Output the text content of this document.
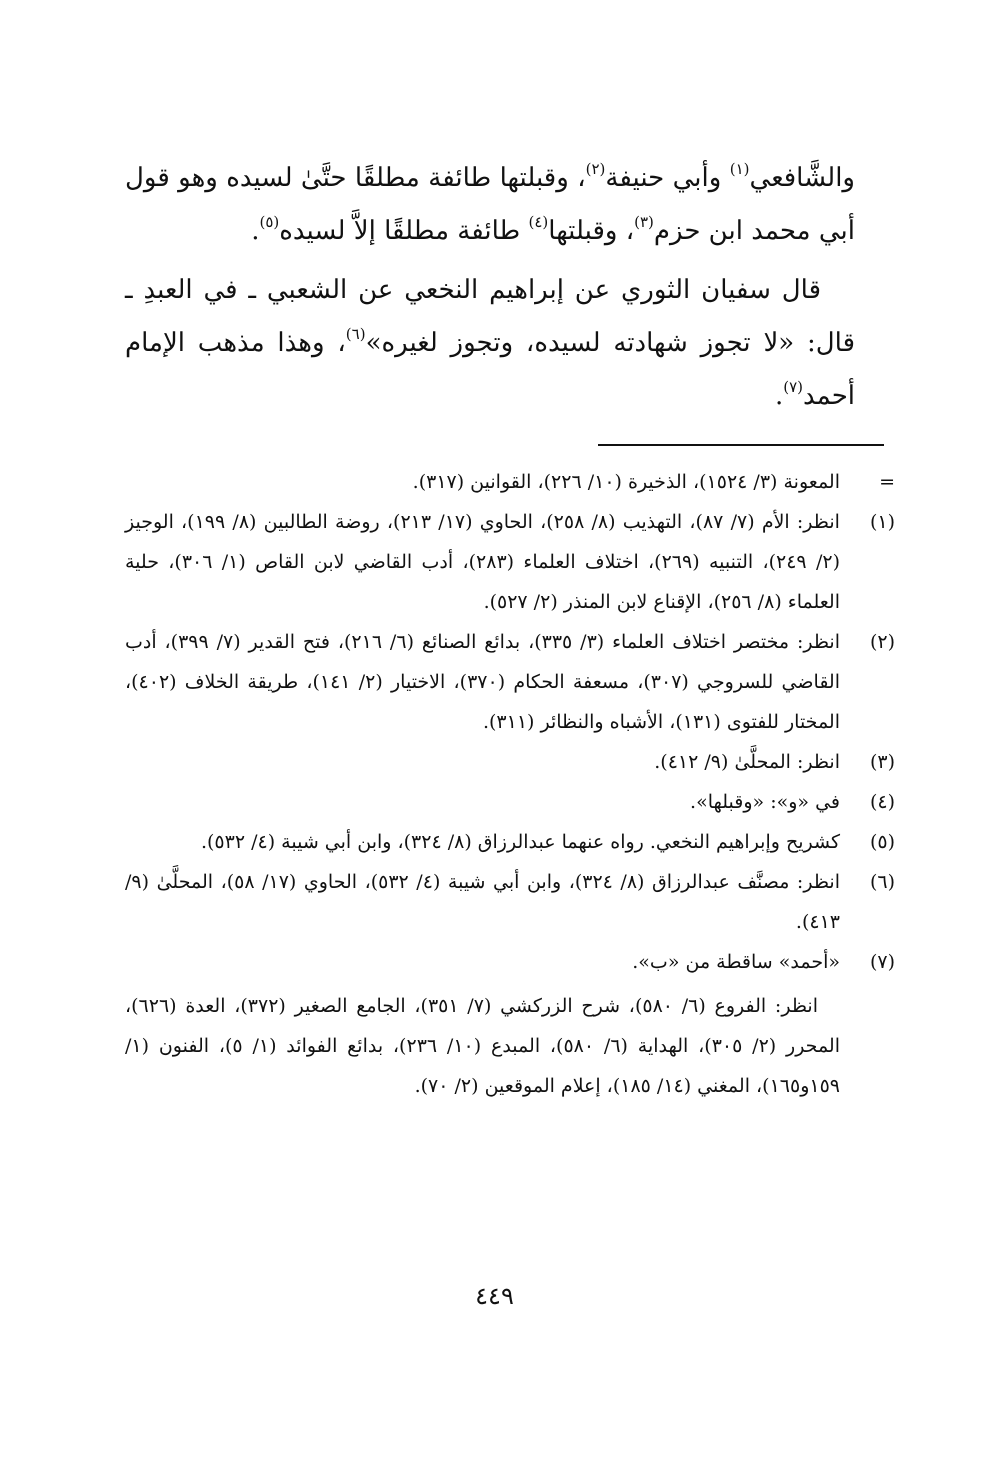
والشَّافعي$^{(١)}$ وأبي حنيفة$^{(٢)}$، وقبلتها طائفة مطلقًا حتَّىٰ لسيده وهو قول أبي محمد ابن حزم$^{(٣)}$، وقبلتها$^{(٤)}$ طائفة مطلقًا إلاَّ لسيده$^{(٥)}$.

قال سفيان الثوري عن إبراهيم النخعي عن الشعبي ـ في العبدِ ـ قال: «لا تجوز شهادته لسيده، وتجوز لغيره»$^{(٦)}$، وهذا مذهب الإمام أحمد$^{(٧)}$.

=
المعونة (٣/ ١٥٢٤)، الذخيرة (١٠/ ٢٢٦)، القوانين (٣١٧).
(١)
انظر: الأم (٧/ ٨٧)، التهذيب (٨/ ٢٥٨)، الحاوي (١٧/ ٢١٣)، روضة الطالبين (٨/ ١٩٩)، الوجيز (٢/ ٢٤٩)، التنبيه (٢٦٩)، اختلاف العلماء (٢٨٣)، أدب القاضي لابن القاص (١/ ٣٠٦)، حلية العلماء (٨/ ٢٥٦)، الإقناع لابن المنذر (٢/ ٥٢٧).
(٢)
انظر: مختصر اختلاف العلماء (٣/ ٣٣٥)، بدائع الصنائع (٦/ ٢١٦)، فتح القدير (٧/ ٣٩٩)، أدب القاضي للسروجي (٣٠٧)، مسعفة الحكام (٣٧٠)، الاختيار (٢/ ١٤١)، طريقة الخلاف (٤٠٢)، المختار للفتوى (١٣١)، الأشباه والنظائر (٣١١).
(٣)
انظر: المحلَّىٰ (٩/ ٤١٢).
(٤)
في «و»: «وقبلها».
(٥)
كشريح وإبراهيم النخعي. رواه عنهما عبدالرزاق (٨/ ٣٢٤)، وابن أبي شيبة (٤/ ٥٣٢).
(٦)
انظر: مصنَّف عبدالرزاق (٨/ ٣٢٤)، وابن أبي شيبة (٤/ ٥٣٢)، الحاوي (١٧/ ٥٨)، المحلَّىٰ (٩/ ٤١٣).
(٧)
«أحمد» ساقطة من «ب».
انظر: الفروع (٦/ ٥٨٠)، شرح الزركشي (٧/ ٣٥١)، الجامع الصغير (٣٧٢)، العدة (٦٢٦)، المحرر (٢/ ٣٠٥)، الهداية (٦/ ٥٨٠)، المبدع (١٠/ ٢٣٦)، بدائع الفوائد (١/ ٥)، الفنون (١/ ١٥٩و١٦٥)، المغني (١٤/ ١٨٥)، إعلام الموقعين (٢/ ٧٠).
٤٤٩
